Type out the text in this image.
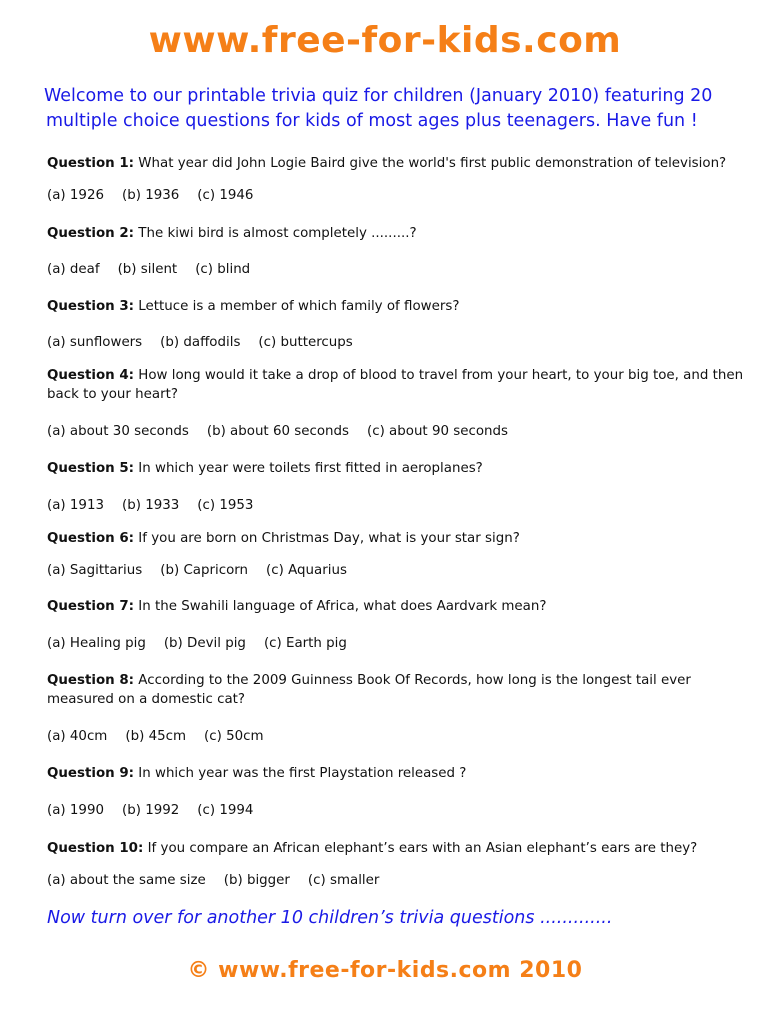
www.free-for-kids.com
Welcome to our printable trivia quiz for children (January 2010) featuring 20
multiple choice questions for kids of most ages plus teenagers. Have fun !
Question 1: What year did John Logie Baird give the world's first public demonstration of television?
(a) 1926 (b) 1936 (c) 1946
Question 2: The kiwi bird is almost completely .........?
(a) deaf (b) silent (c) blind
Question 3: Lettuce is a member of which family of flowers?
(a) sunflowers (b) daffodils (c) buttercups
Question 4: How long would it take a drop of blood to travel from your heart, to your big toe, and then back to your heart?
(a) about 30 seconds (b) about 60 seconds (c) about 90 seconds
Question 5: In which year were toilets first fitted in aeroplanes?
(a) 1913 (b) 1933 (c) 1953
Question 6: If you are born on Christmas Day, what is your star sign?
(a) Sagittarius (b) Capricorn (c) Aquarius
Question 7: In the Swahili language of Africa, what does Aardvark mean?
(a) Healing pig (b) Devil pig (c) Earth pig
Question 8: According to the 2009 Guinness Book Of Records, how long is the longest tail ever measured on a domestic cat?
(a) 40cm (b) 45cm (c) 50cm
Question 9: In which year was the first Playstation released ?
(a) 1990 (b) 1992 (c) 1994
Question 10: If you compare an African elephant’s ears with an Asian elephant’s ears are they?
(a) about the same size (b) bigger (c) smaller
Now turn over for another 10 children’s trivia questions .............
© www.free-for-kids.com 2010
